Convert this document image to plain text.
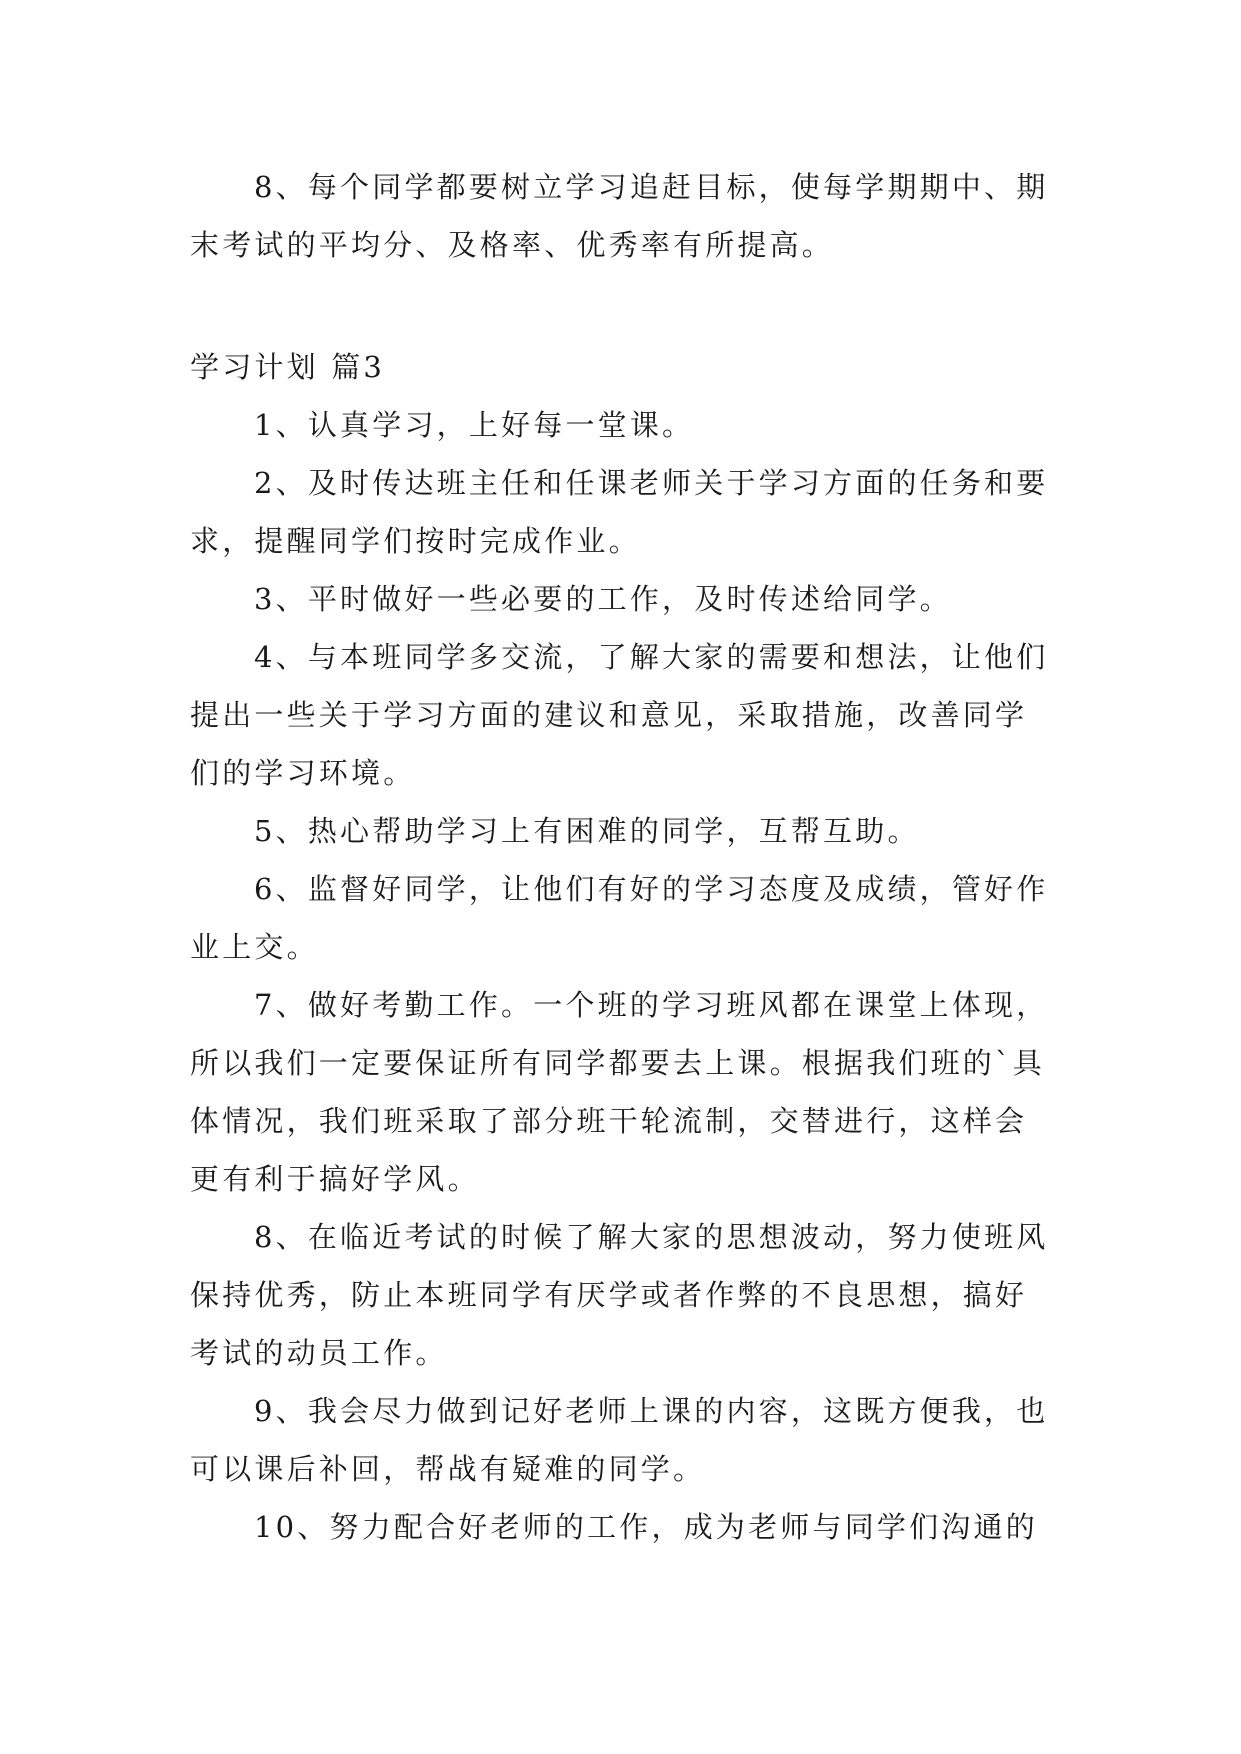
8、每个同学都要树立学习追赶目标，使每学期期中、期末考试的平均分、及格率、优秀率有所提高。

学习计划 篇3

1、认真学习，上好每一堂课。

2、及时传达班主任和任课老师关于学习方面的任务和要求，提醒同学们按时完成作业。

3、平时做好一些必要的工作，及时传述给同学。

4、与本班同学多交流，了解大家的需要和想法，让他们提出一些关于学习方面的建议和意见，采取措施，改善同学们的学习环境。

5、热心帮助学习上有困难的同学，互帮互助。

6、监督好同学，让他们有好的学习态度及成绩，管好作业上交。

7、做好考勤工作。一个班的学习班风都在课堂上体现，所以我们一定要保证所有同学都要去上课。根据我们班的`具体情况，我们班采取了部分班干轮流制，交替进行，这样会更有利于搞好学风。

8、在临近考试的时候了解大家的思想波动，努力使班风保持优秀，防止本班同学有厌学或者作弊的不良思想，搞好考试的动员工作。

9、我会尽力做到记好老师上课的内容，这既方便我，也可以课后补回，帮战有疑难的同学。

10、努力配合好老师的工作，成为老师与同学们沟通的
